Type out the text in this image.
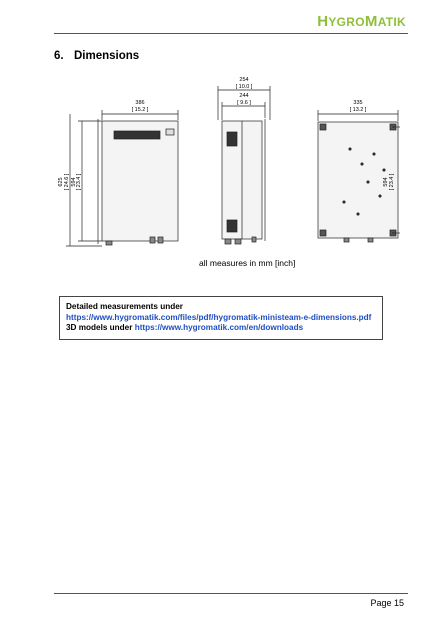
HYGROMATIK
6. Dimensions
386
[ 15.2 ]
625 [ 24.6 ] 594 [ 23.4 ]
254
[ 10.0 ]
244
[ 9.6 ]	335
[ 13.2 ]
594 [ 23.4 ]
all measures in mm [inch]
Detailed measurements under
https://www.hygromatik.com/files/pdf/hygromatik-ministeam-e-dimensions.pdf
3D models under https://www.hygromatik.com/en/downloads
Page 15
